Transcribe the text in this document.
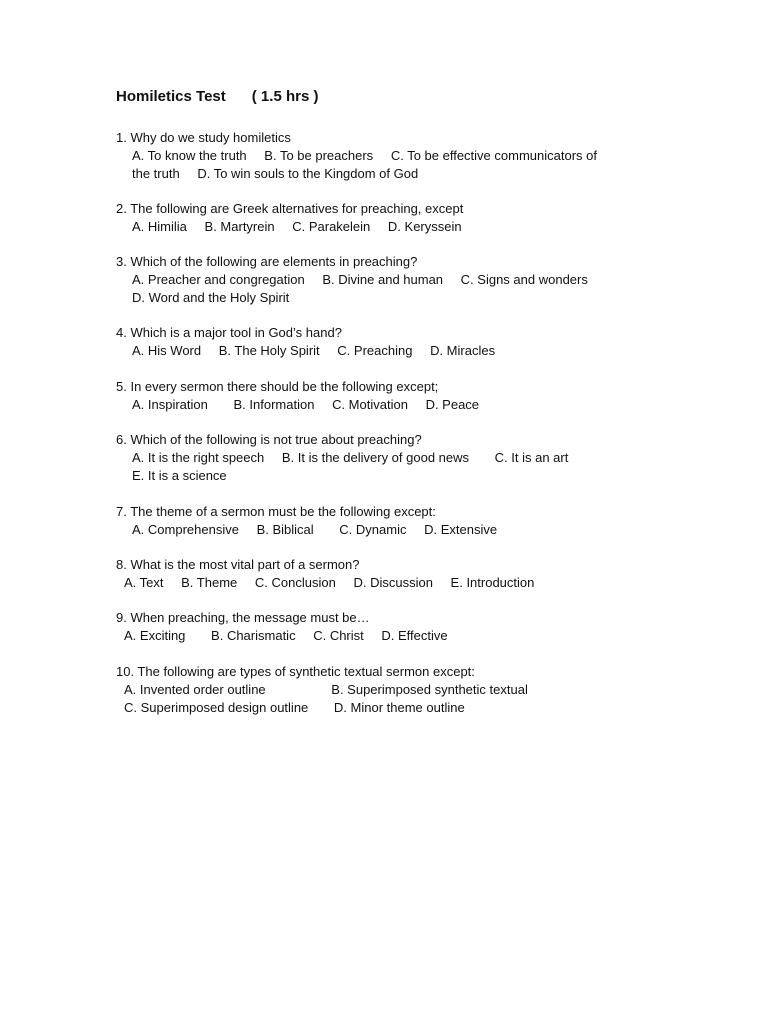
Homiletics Test ( 1.5 hrs )
1. Why do we study homiletics
A. To know the truth B. To be preachers C. To be effective communicators of
the truth D. To win souls to the Kingdom of God
2. The following are Greek alternatives for preaching, except
A. Himilia B. Martyrein C. Parakelein D. Keryssein
3. Which of the following are elements in preaching?
A. Preacher and congregation B. Divine and human C. Signs and wonders
D. Word and the Holy Spirit
4. Which is a major tool in God’s hand?
A. His Word B. The Holy Spirit C. Preaching D. Miracles
5. In every sermon there should be the following except;
A. Inspiration B. Information C. Motivation D. Peace
6. Which of the following is not true about preaching?
A. It is the right speech B. It is the delivery of good news C. It is an art
E. It is a science
7. The theme of a sermon must be the following except:
A. Comprehensive B. Biblical C. Dynamic D. Extensive
8. What is the most vital part of a sermon?
A. Text B. Theme C. Conclusion D. Discussion E. Introduction
9. When preaching, the message must be…
A. Exciting B. Charismatic C. Christ D. Effective
10. The following are types of synthetic textual sermon except:
A. Invented order outline	B. Superimposed synthetic textual
C. Superimposed design outline D. Minor theme outline
